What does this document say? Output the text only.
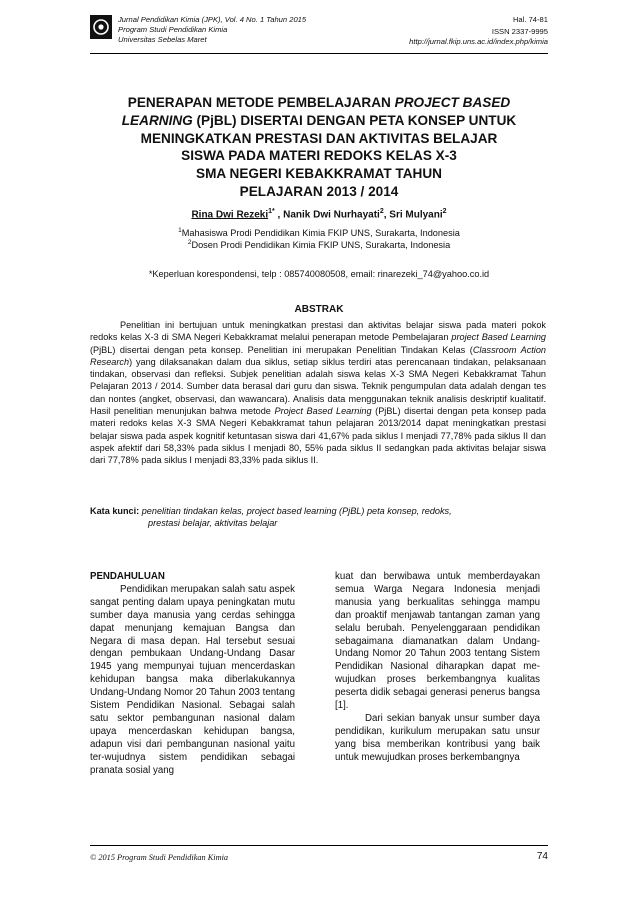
Jurnal Pendidikan Kimia (JPK), Vol. 4 No. 1 Tahun 2015
Program Studi Pendidikan Kimia
Universitas Sebelas Maret
Hal. 74-81
ISSN 2337-9995
http://jurnal.fkip.uns.ac.id/index.php/kimia
PENERAPAN METODE PEMBELAJARAN PROJECT BASED
LEARNING (PjBL) DISERTAI DENGAN PETA KONSEP UNTUK
MENINGKATKAN PRESTASI DAN AKTIVITAS BELAJAR
SISWA PADA MATERI REDOKS KELAS X-3
SMA NEGERI KEBAKKRAMAT TAHUN
PELAJARAN 2013 / 2014
Rina Dwi Rezeki$^{1*}$ , Nanik Dwi Nurhayati$^2$, Sri Mulyani$^2$
$^1$Mahasiswa Prodi Pendidikan Kimia FKIP UNS, Surakarta, Indonesia
$^2$Dosen Prodi Pendidikan Kimia FKIP UNS, Surakarta, Indonesia
*Keperluan korespondensi, telp : 085740080508, email: rinarezeki_74@yahoo.co.id
ABSTRAK
Penelitian ini bertujuan untuk meningkatkan prestasi dan aktivitas belajar siswa pada materi pokok redoks kelas X-3 di SMA Negeri Kebakkramat melalui penerapan metode Pembelajaran project Based Learning (PjBL) disertai dengan peta konsep. Penelitian ini merupakan Penelitian Tindakan Kelas (Classroom Action Research) yang dilaksanakan dalam dua siklus, setiap siklus terdiri atas perencanaan tindakan, pelaksanaan tindakan, observasi dan refleksi. Subjek penelitian adalah siswa kelas X-3 SMA Negeri Kebakkramat Tahun Pelajaran 2013 / 2014. Sumber data berasal dari guru dan siswa. Teknik pengumpulan data adalah dengan tes dan nontes (angket, observasi, dan wawancara). Analisis data menggunakan teknik analisis deskriptif kualitatif. Hasil penelitian menunjukan bahwa metode Project Based Learning (PjBL) disertai dengan peta konsep pada materi redoks kelas X-3 SMA Negeri Kebakkramat tahun pelajaran 2013/2014 dapat meningkatkan prestasi belajar siswa pada aspek kognitif ketuntasan siswa dari 41,67% pada siklus I menjadi 77,78% pada siklus II dan aspek afektif dari 58,33% pada siklus I menjadi 80, 55% pada siklus II sedangkan pada aktivitas belajar siswa dari 77,78% pada siklus I menjadi 83,33% pada siklus II.
Kata kunci: penelitian tindakan kelas, project based learning (PjBL) peta konsep, redoks,
prestasi belajar, aktivitas belajar

PENDAHULUAN

Pendidikan merupakan salah satu aspek sangat penting dalam upaya peningkatan mutu sumber daya manusia yang cerdas sehingga dapat menunjang kemajuan Bangsa dan Negara di masa depan. Hal tersebut sesuai dengan pembukaan Undang-Undang Dasar 1945 yang mempunyai tujuan mencerdaskan kehidupan bangsa maka diberlakukannya Undang-Undang Nomor 20 Tahun 2003 tentang Sistem Pendidikan Nasional. Sebagai salah satu sektor pembangunan nasional dalam upaya mencerdaskan kehidupan bangsa, adapun visi dari pembangunan nasional yaitu ter-wujudnya sistem pendidikan sebagai pranata sosial yang

kuat dan berwibawa untuk memberdayakan semua Warga Negara Indonesia menjadi manusia yang berkualitas sehingga mampu dan proaktif menjawab tantangan zaman yang selalu berubah. Penyelenggaraan pendidikan sebagaimana diamanatkan dalam Undang-Undang Nomor 20 Tahun 2003 tentang Sistem Pendidikan Nasional diharapkan dapat me-wujudkan proses berkembangnya kualitas peserta didik sebagai generasi penerus bangsa [1].

Dari sekian banyak unsur sumber daya pendidikan, kurikulum merupakan satu unsur yang bisa memberikan kontribusi yang baik untuk mewujudkan proses berkembangnya

© 2015 Program Studi Pendidikan Kimia	74
